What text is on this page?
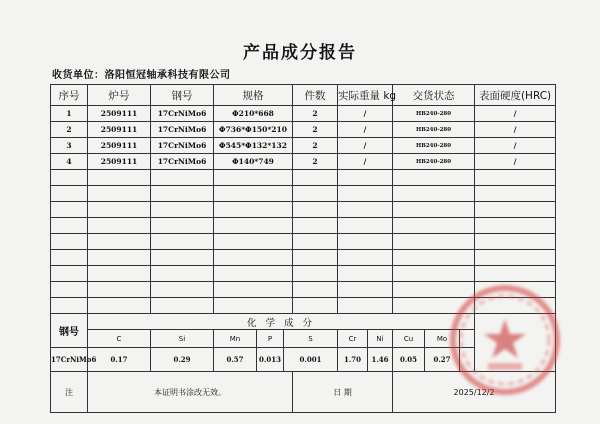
产品成分报告
收货单位：洛阳恒冠轴承科技有限公司
序号	炉号	钢号	规格			件数	实际重量 kg		交货状态			表面硬度(HRC)
1	2509111	17CrNiMo6	Φ210*668			2	/		HB240-280			/
2	2509111	17CrNiMo6	Φ736*Φ150*210			2	/		HB240-280			/
3	2509111	17CrNiMo6	Φ545*Φ132*132			2	/		HB240-280			/
4	2509111	17CrNiMo6	Φ140*749			2	/		HB240-280			/

钢号	化 学 成 分											
	C	Si	Mn	P	S		Cr	Ni	Cu	Mo		
17CrNiMo6	0.17	0.29	0.57	0.013	0.001		1.70	1.46	0.05	0.27		
注	本证明书涂改无效。					日 期			2025/12/2			
